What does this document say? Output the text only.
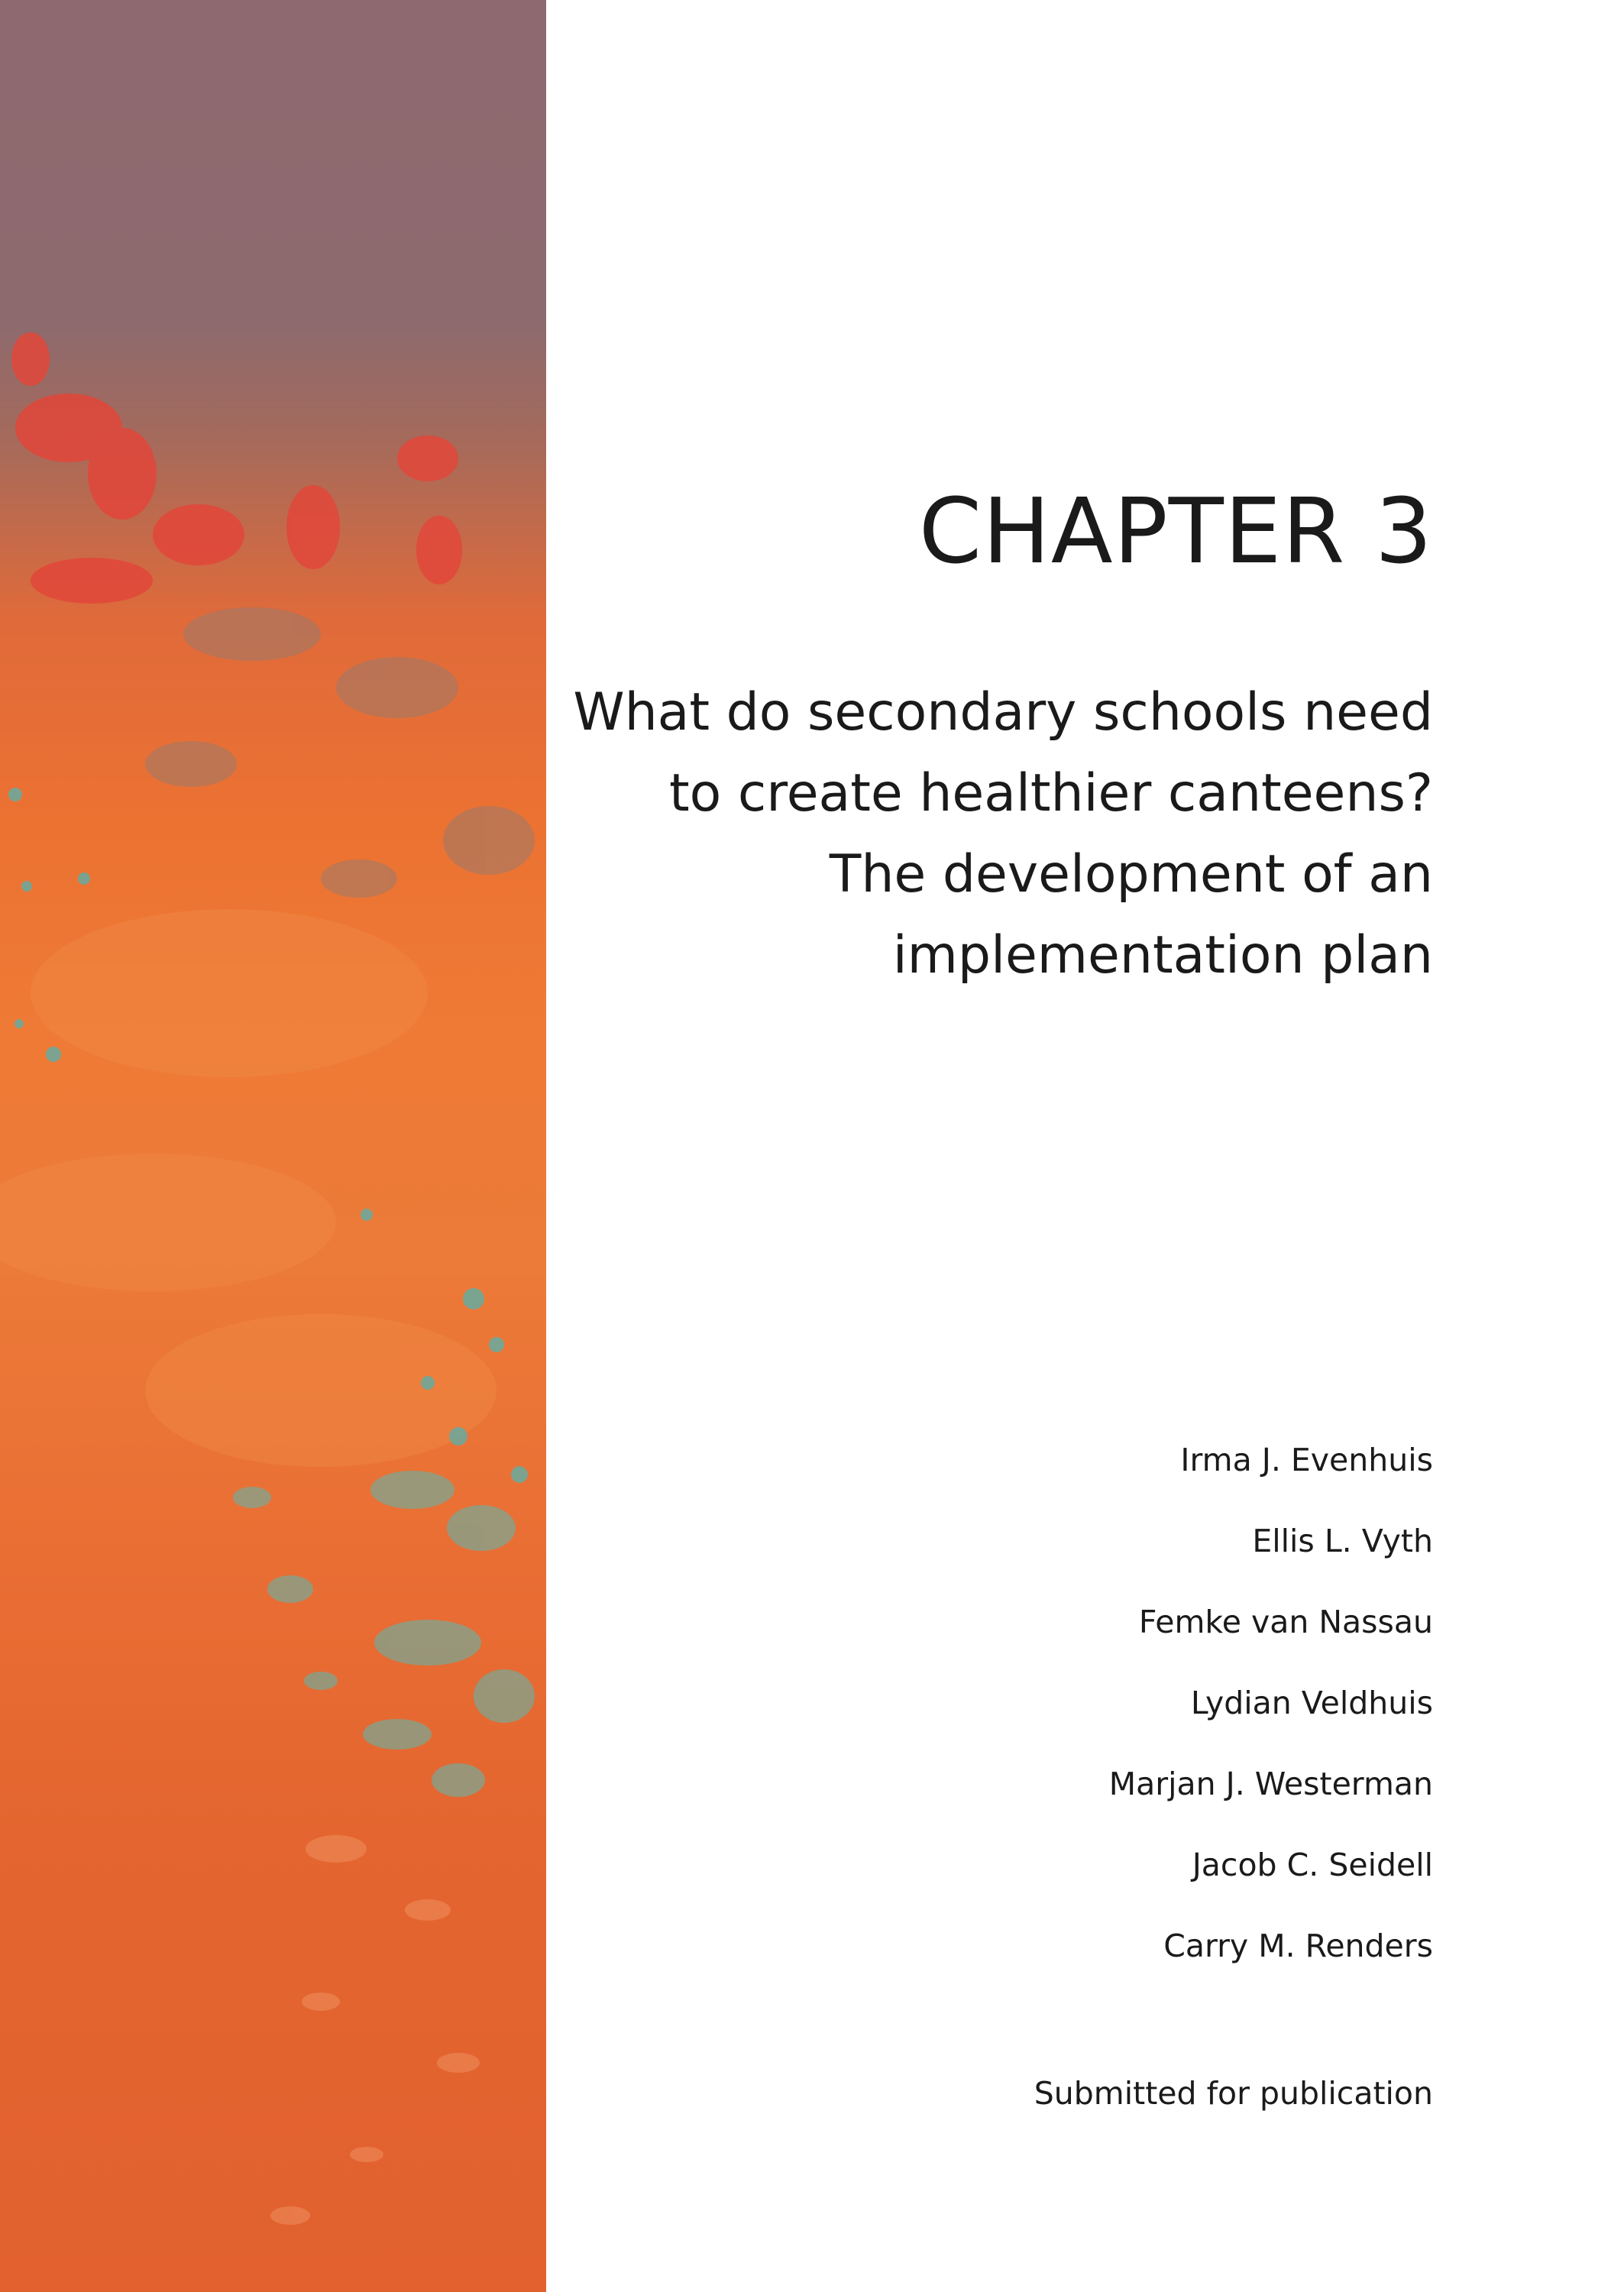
CHAPTER 3
What do secondary schools need
to create healthier canteens?
The development of an
implementation plan
Irma J. Evenhuis
Ellis L. Vyth
Femke van Nassau
Lydian Veldhuis
Marjan J. Westerman
Jacob C. Seidell
Carry M. Renders

Submitted for publication
